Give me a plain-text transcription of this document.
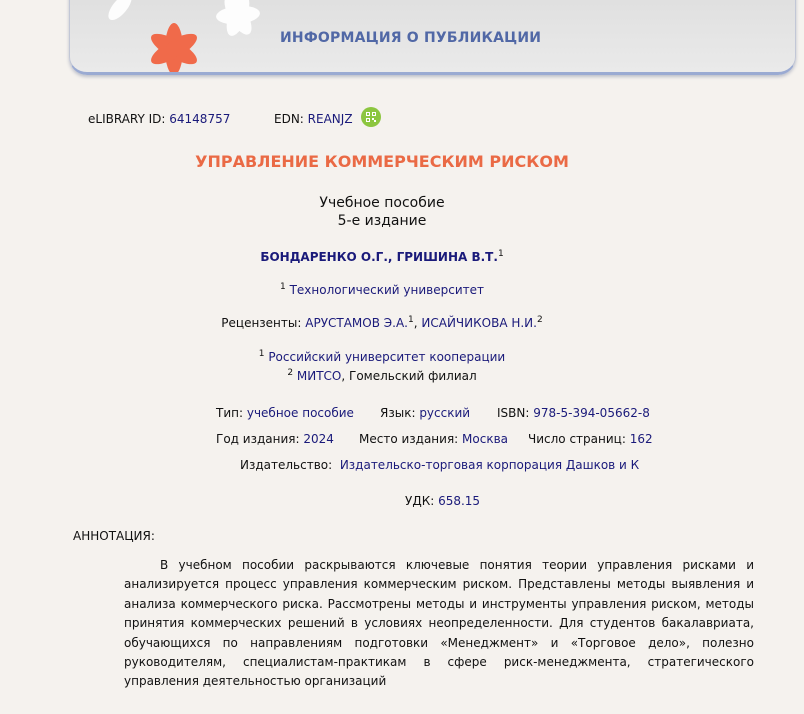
ИНФОРМАЦИЯ О ПУБЛИКАЦИИ
eLIBRARY ID: 64148757	EDN: REANJZ
УПРАВЛЕНИЕ КОММЕРЧЕСКИМ РИСКОМ
Учебное пособие
5-е издание
БОНДАРЕНКО О.Г., ГРИШИНА В.Т.$^1$
$^1$ Технологический университет
Рецензенты: АРУСТАМОВ Э.А.$^1$, ИСАЙЧИКОВА Н.И.$^2$
$^1$ Российский университет кооперации
$^2$ МИТСО, Гомельский филиал
Тип: учебное пособие Язык: русский ISBN: 978-5-394-05662-8
Год издания: 2024 Место издания: Москва Число страниц: 162
Издательство: Издательско-торговая корпорация Дашков и К
УДК: 658.15
АННОТАЦИЯ:
В учебном пособии раскрываются ключевые понятия теории управления рисками и анализируется процесс управления коммерческим риском. Представлены методы выявления и анализа коммерческого риска. Рассмотрены методы и инструменты управления риском, методы принятия коммерческих решений в условиях неопределенности. Для студентов бакалавриата, обучающихся по направлениям подготовки «Менеджмент» и «Торговое дело», полезно руководителям, специалистам-практикам в сфере риск-менеджмента, стратегического управления деятельностью организаций
